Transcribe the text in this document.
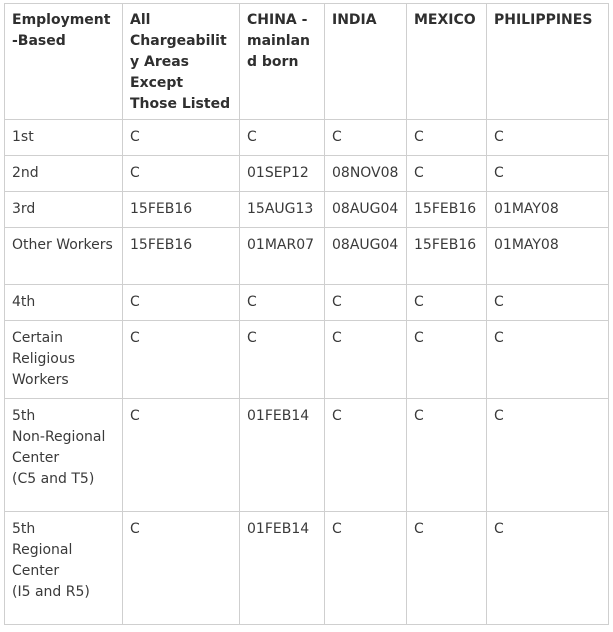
Employment-Based	All Chargeability Areas Except Those Listed	CHINA - mainland born	INDIA	MEXICO	PHILIPPINES

1st	C	C	C	C	C

2nd	C	01SEP12	08NOV08	C	C

3rd	15FEB16	15AUG13	08AUG04	15FEB16	01MAY08

Other Workers	15FEB16	01MAR07	08AUG04	15FEB16	01MAY08

4th	C	C	C	C	C

Certain Religious Workers	C	C	C	C	C

5th
Non-Regional Center
(C5 and T5)	C	01FEB14	C	C	C

5th
Regional Center
(I5 and R5)	C	01FEB14	C	C	C
